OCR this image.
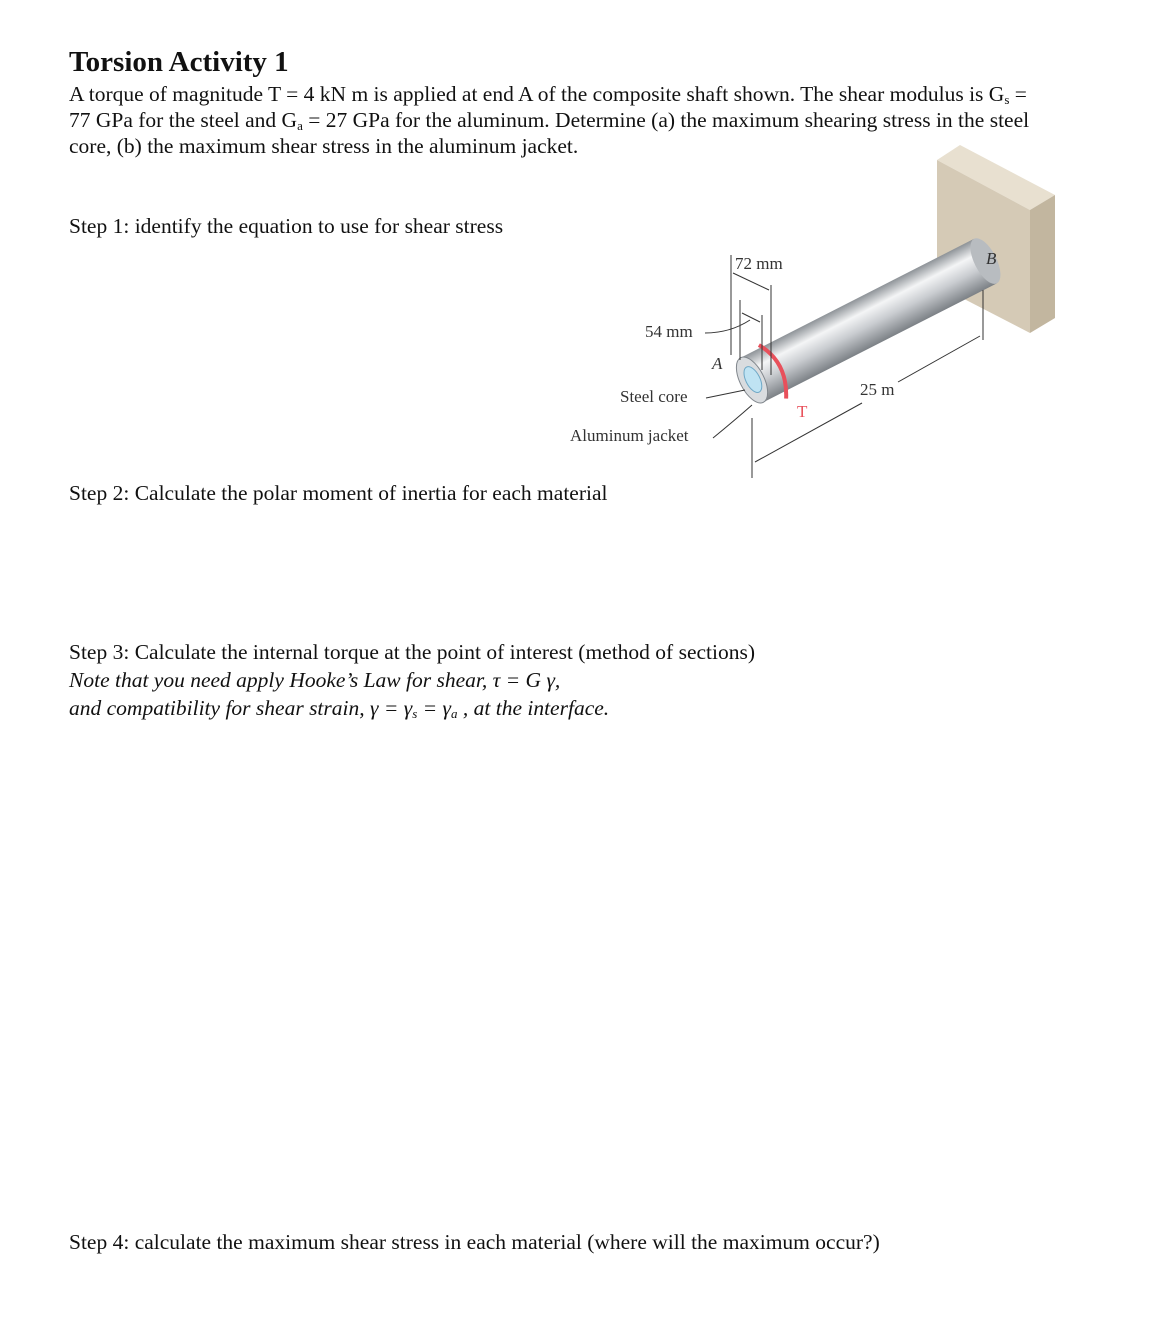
Torsion Activity 1
A torque of magnitude T = 4 kN m is applied at end A of the composite shaft shown. The shear modulus is $G_s$ =
77 GPa for the steel and $G_a = 27$ GPa for the aluminum. Determine (a) the maximum shearing stress in the steel
core, (b) the maximum shear stress in the aluminum jacket.
Step 1: identify the equation to use for shear stress
Step 2: Calculate the polar moment of inertia for each material
Step 3: Calculate the internal torque at the point of interest (method of sections)
Note that you need apply Hooke’s Law for shear, τ = G γ,
and compatibility for shear strain, $\gamma = \gamma_s = \gamma_a$ , at the interface.
Step 4: calculate the maximum shear stress in each material (where will the maximum occur?)
72 mm
54 mm
A
B
Steel core
Aluminum jacket
T
25 m
